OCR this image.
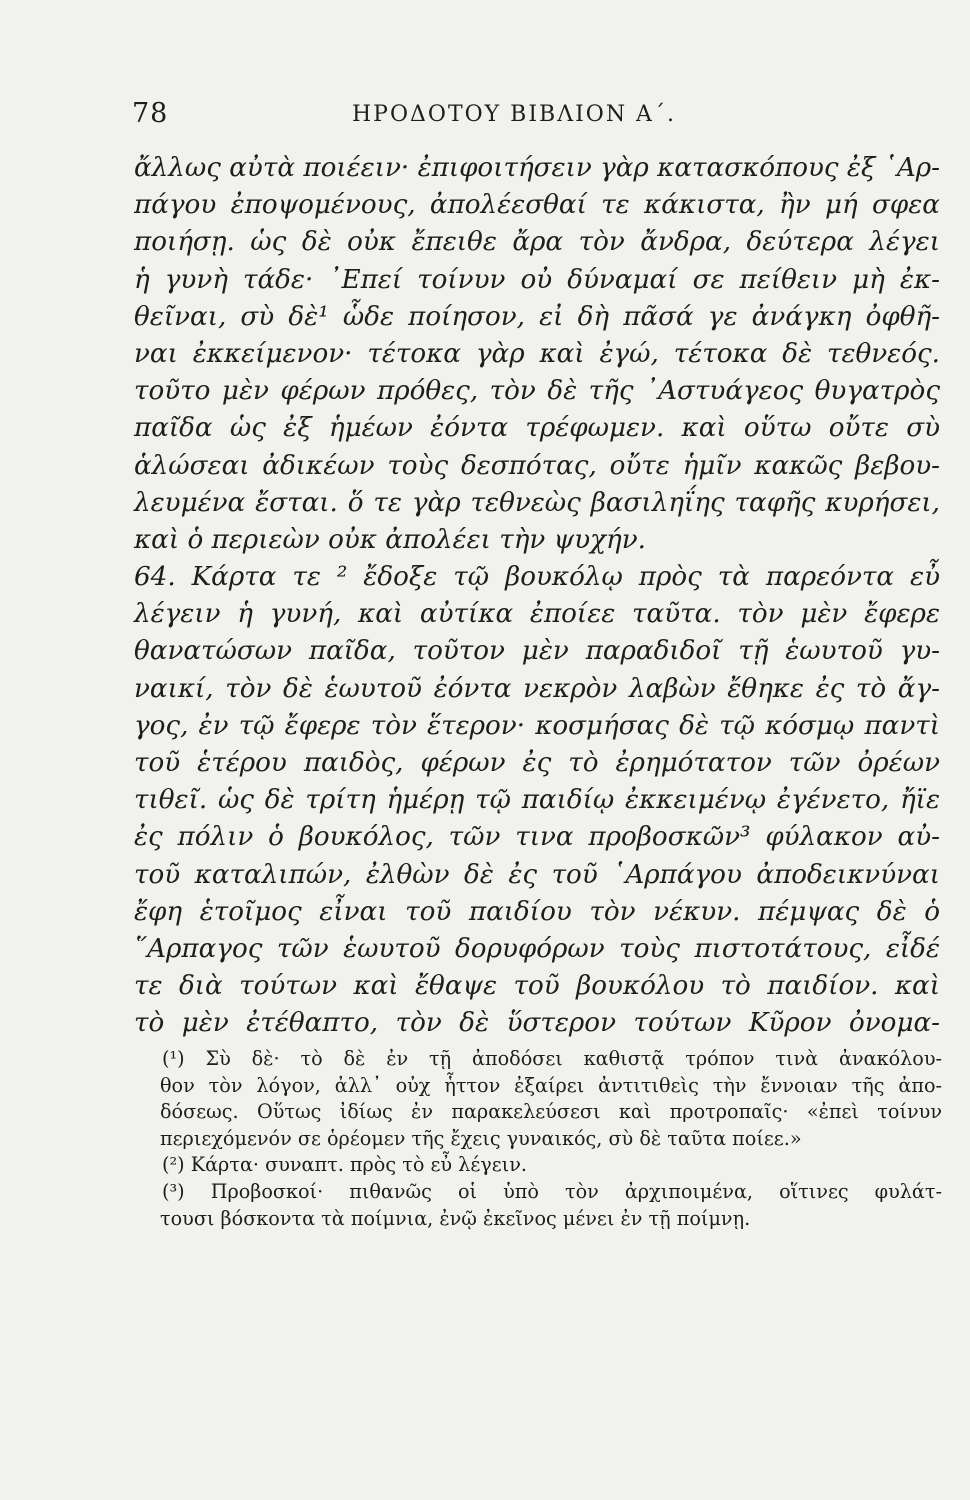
78	ΗΡΟΔΟΤΟΥ ΒΙΒΛΙΟΝ Α΄.
ἄλλως αὐτὰ ποιέειν· ἐπιφοιτήσειν γὰρ κατασκόπους ἐξ ῾Αρ-
πάγου ἐποψομένους, ἀπολέεσθαί τε κάκιστα, ἢν μή σφεα
ποιήσῃ. ὡς δὲ οὐκ ἔπειθε ἄρα τὸν ἄνδρα, δεύτερα λέγει
ἡ γυνὴ τάδε· ᾿Επεί τοίνυν οὐ δύναμαί σε πείθειν μὴ ἐκ-
θεῖναι, σὺ δὲ¹ ὧδε ποίησον, εἰ δὴ πᾶσά γε ἀνάγκη ὀφθῆ-
ναι ἐκκείμενον· τέτοκα γὰρ καὶ ἐγώ, τέτοκα δὲ τεθνεός.
τοῦτο μὲν φέρων πρόθες, τὸν δὲ τῆς ᾿Αστυάγεος θυγατρὸς
παῖδα ὡς ἐξ ἡμέων ἐόντα τρέφωμεν. καὶ οὕτω οὔτε σὺ
ἁλώσεαι ἀδικέων τοὺς δεσπότας, οὔτε ἡμῖν κακῶς βεβου-
λευμένα ἔσται. ὅ τε γὰρ τεθνεὼς βασιληΐης ταφῆς κυρήσει,
καὶ ὁ περιεὼν οὐκ ἀπολέει τὴν ψυχήν.
64. Κάρτα τε ² ἔδοξε τῷ βουκόλῳ πρὸς τὰ παρεόντα εὖ
λέγειν ἡ γυνή, καὶ αὐτίκα ἐποίεε ταῦτα. τὸν μὲν ἔφερε
θανατώσων παῖδα, τοῦτον μὲν παραδιδοῖ τῇ ἑωυτοῦ γυ-
ναικί, τὸν δὲ ἑωυτοῦ ἐόντα νεκρὸν λαβὼν ἔθηκε ἐς τὸ ἄγ-
γος, ἐν τῷ ἔφερε τὸν ἕτερον· κοσμήσας δὲ τῷ κόσμῳ παντὶ
τοῦ ἑτέρου παιδὸς, φέρων ἐς τὸ ἐρημότατον τῶν ὀρέων
τιθεῖ. ὡς δὲ τρίτη ἡμέρῃ τῷ παιδίῳ ἐκκειμένῳ ἐγένετο, ἤϊε
ἐς πόλιν ὁ βουκόλος, τῶν τινα προβοσκῶν³ φύλακον αὐ-
τοῦ καταλιπών, ἐλθὼν δὲ ἐς τοῦ ῾Αρπάγου ἀποδεικνύναι
ἔφη ἑτοῖμος εἶναι τοῦ παιδίου τὸν νέκυν. πέμψας δὲ ὁ
῞Αρπαγος τῶν ἑωυτοῦ δορυφόρων τοὺς πιστοτάτους, εἶδέ
τε διὰ τούτων καὶ ἔθαψε τοῦ βουκόλου τὸ παιδίον. καὶ
τὸ μὲν ἐτέθαπτο, τὸν δὲ ὕστερον τούτων Κῦρον ὀνομα-
(¹) Σὺ δὲ· τὸ δὲ ἐν τῇ ἀποδόσει καθιστᾷ τρόπον τινὰ ἀνακόλου-
θον τὸν λόγον, ἀλλ᾿ οὐχ ἧττον ἐξαίρει ἀντιτιθεὶς τὴν ἔννοιαν τῆς ἀπο-
δόσεως. Οὕτως ἰδίως ἐν παρακελεύσεσι καὶ προτροπαῖς· «ἐπεὶ τοίνυν
περιεχόμενόν σε ὁρέομεν τῆς ἔχεις γυναικός, σὺ δὲ ταῦτα ποίεε.»
(²) Κάρτα· συναπτ. πρὸς τὸ εὖ λέγειν.
(³) Προβοσκοί· πιθανῶς οἱ ὑπὸ τὸν ἀρχιποιμένα, οἵτινες φυλάτ-
τουσι βόσκοντα τὰ ποίμνια, ἐνῷ ἐκεῖνος μένει ἐν τῇ ποίμνῃ.
